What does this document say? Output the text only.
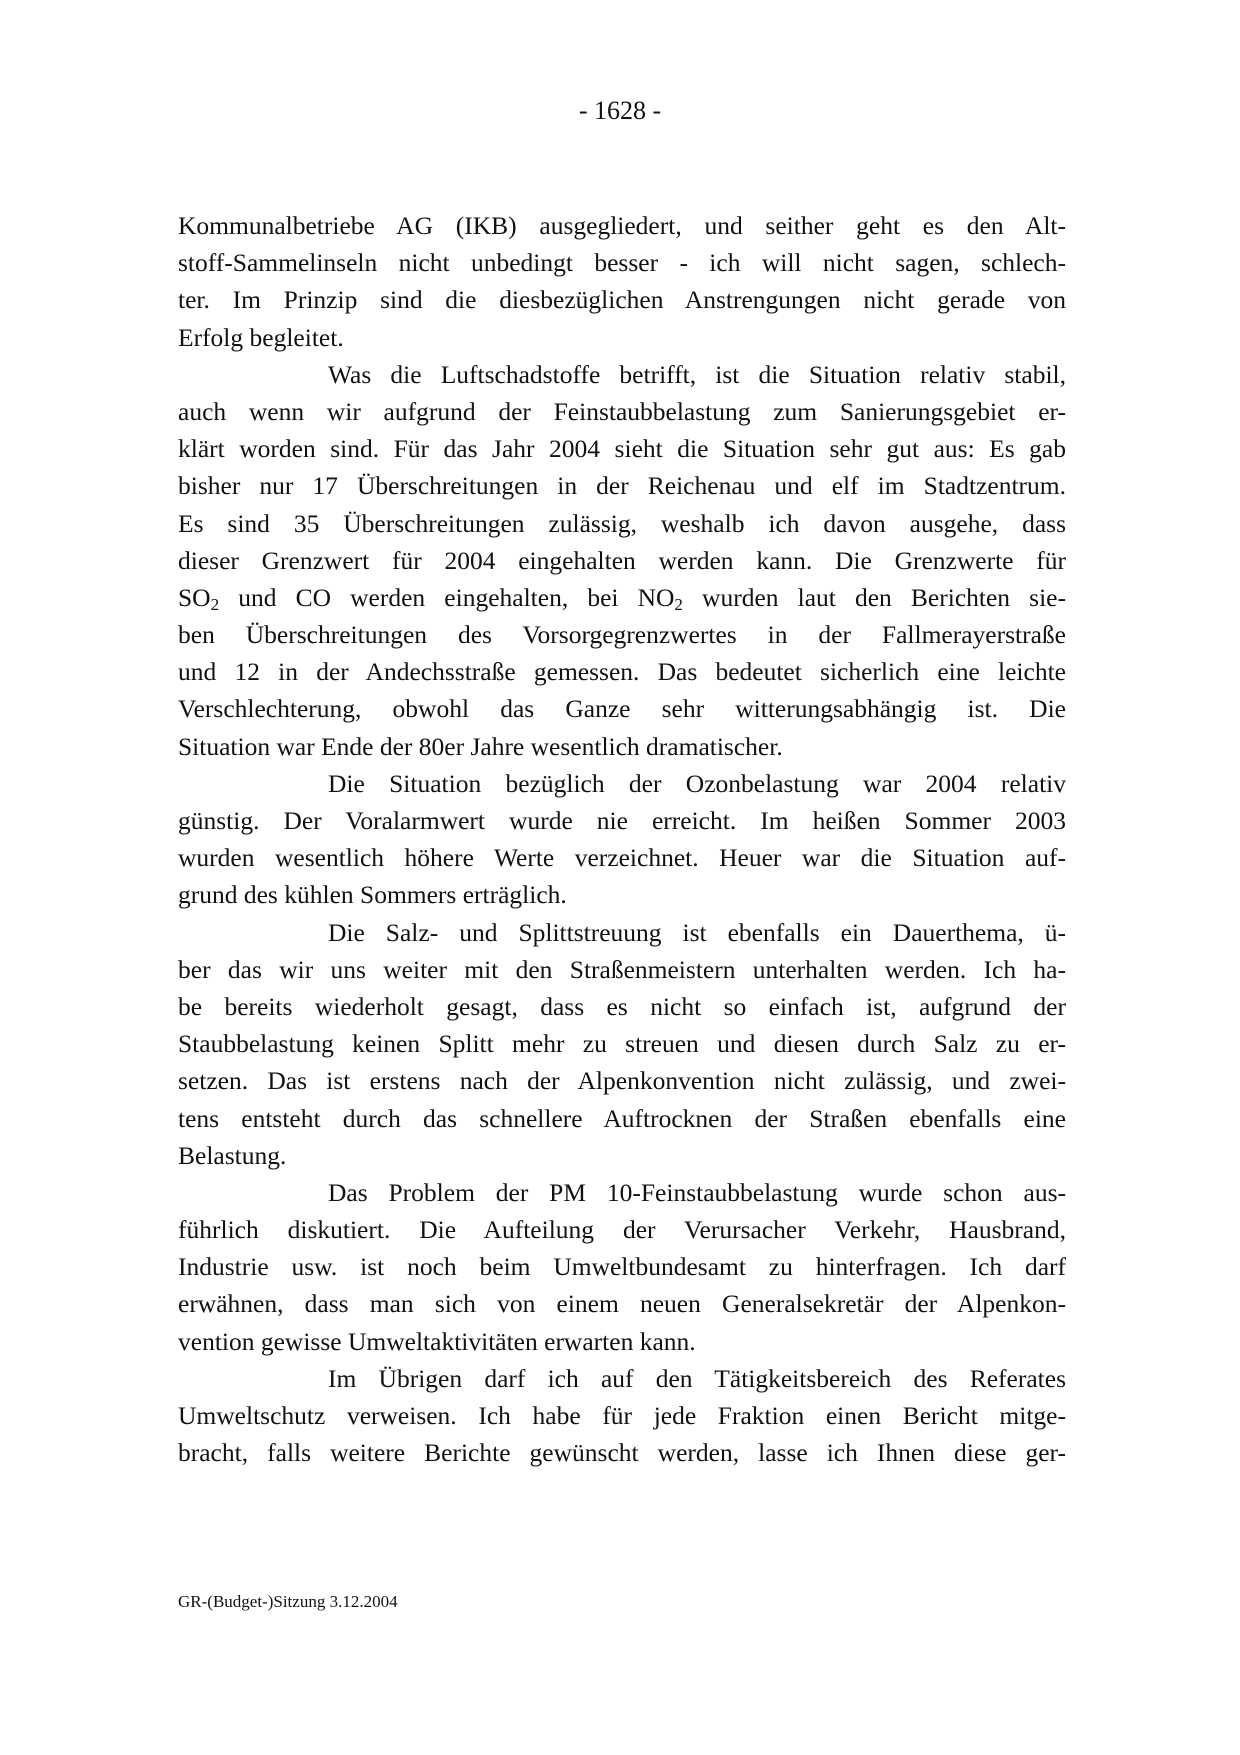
- 1628 -
Kommunalbetriebe AG (IKB) ausgegliedert, und seither geht es den Alt-
stoff-Sammelinseln nicht unbedingt besser - ich will nicht sagen, schlech-
ter. Im Prinzip sind die diesbezüglichen Anstrengungen nicht gerade von
Erfolg begleitet.
Was die Luftschadstoffe betrifft, ist die Situation relativ stabil,
auch wenn wir aufgrund der Feinstaubbelastung zum Sanierungsgebiet er-
klärt worden sind. Für das Jahr 2004 sieht die Situation sehr gut aus: Es gab
bisher nur 17 Überschreitungen in der Reichenau und elf im Stadtzentrum.
Es sind 35 Überschreitungen zulässig, weshalb ich davon ausgehe, dass
dieser Grenzwert für 2004 eingehalten werden kann. Die Grenzwerte für
$SO_2$ und CO werden eingehalten, bei $NO_2$ wurden laut den Berichten sie-
ben Überschreitungen des Vorsorgegrenzwertes in der Fallmerayerstraße
und 12 in der Andechsstraße gemessen. Das bedeutet sicherlich eine leichte
Verschlechterung, obwohl das Ganze sehr witterungsabhängig ist. Die
Situation war Ende der 80er Jahre wesentlich dramatischer.
Die Situation bezüglich der Ozonbelastung war 2004 relativ
günstig. Der Voralarmwert wurde nie erreicht. Im heißen Sommer 2003
wurden wesentlich höhere Werte verzeichnet. Heuer war die Situation auf-
grund des kühlen Sommers erträglich.
Die Salz- und Splittstreuung ist ebenfalls ein Dauerthema, ü-
ber das wir uns weiter mit den Straßenmeistern unterhalten werden. Ich ha-
be bereits wiederholt gesagt, dass es nicht so einfach ist, aufgrund der
Staubbelastung keinen Splitt mehr zu streuen und diesen durch Salz zu er-
setzen. Das ist erstens nach der Alpenkonvention nicht zulässig, und zwei-
tens entsteht durch das schnellere Auftrocknen der Straßen ebenfalls eine
Belastung.
Das Problem der PM 10-Feinstaubbelastung wurde schon aus-
führlich diskutiert. Die Aufteilung der Verursacher Verkehr, Hausbrand,
Industrie usw. ist noch beim Umweltbundesamt zu hinterfragen. Ich darf
erwähnen, dass man sich von einem neuen Generalsekretär der Alpenkon-
vention gewisse Umweltaktivitäten erwarten kann.
Im Übrigen darf ich auf den Tätigkeitsbereich des Referates
Umweltschutz verweisen. Ich habe für jede Fraktion einen Bericht mitge-
bracht, falls weitere Berichte gewünscht werden, lasse ich Ihnen diese ger-
GR-(Budget-)Sitzung 3.12.2004
